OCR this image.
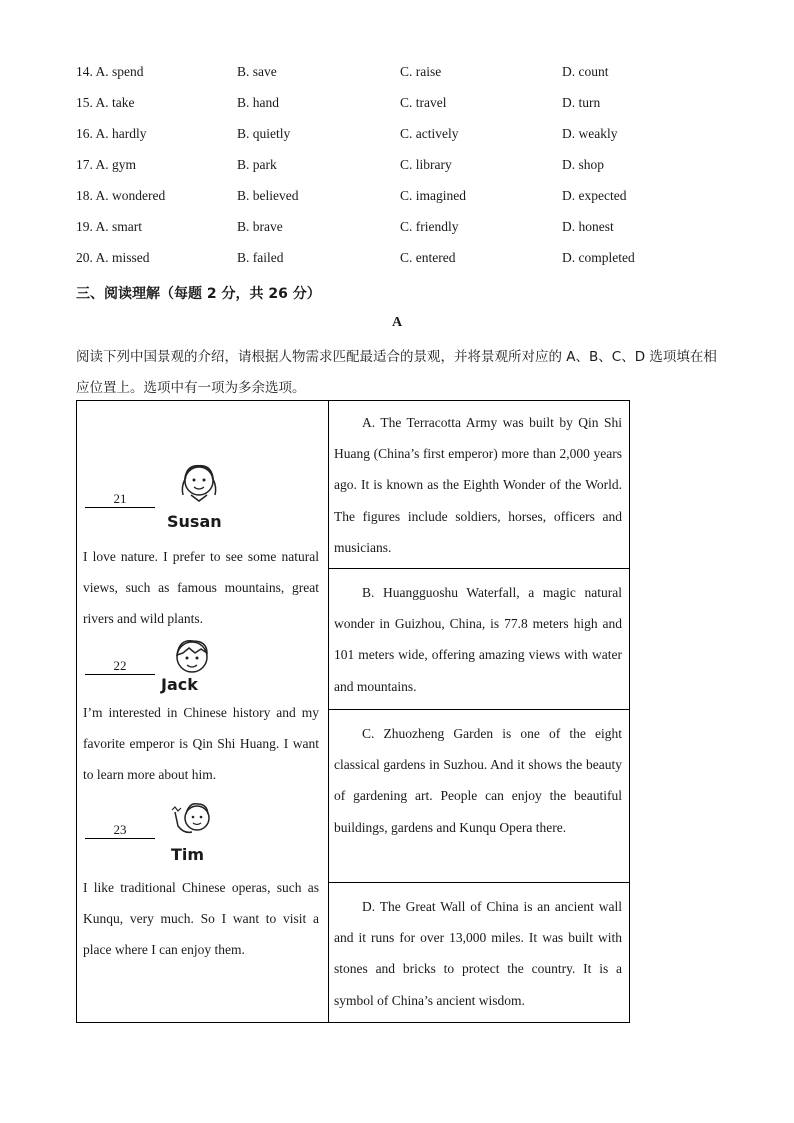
14. A. spend	B. save	C. raise	D. count
15. A. take	B. hand	C. travel	D. turn
16. A. hardly	B. quietly	C. actively	D. weakly
17. A. gym	B. park	C. library	D. shop
18. A. wondered	B. believed	C. imagined	D. expected
19. A. smart	B. brave	C. friendly	D. honest
20. A. missed	B. failed	C. entered	D. completed
三、阅读理解（每题 2 分，共 26 分）
A
阅读下列中国景观的介绍，请根据人物需求匹配最适合的景观，并将景观所对应的 A、B、C、D 选项填在相应位置上。选项中有一项为多余选项。
21
Susan
I love nature. I prefer to see some natural views, such as famous mountains, great rivers and wild plants.
22
Jack
I’m interested in Chinese history and my favorite emperor is Qin Shi Huang. I want to learn more about him.
23
Tim
I like traditional Chinese operas, such as Kunqu, very much. So I want to visit a place where I can enjoy them.
A. The Terracotta Army was built by Qin Shi Huang (China’s first emperor) more than 2,000 years ago. It is known as the Eighth Wonder of the World. The figures include soldiers, horses, officers and musicians.
B. Huangguoshu Waterfall, a magic natural wonder in Guizhou, China, is 77.8 meters high and 101 meters wide, offering amazing views with water and mountains.
C. Zhuozheng Garden is one of the eight classical gardens in Suzhou. And it shows the beauty of gardening art. People can enjoy the beautiful buildings, gardens and Kunqu Opera there.
D. The Great Wall of China is an ancient wall and it runs for over 13,000 miles. It was built with stones and bricks to protect the country. It is a symbol of China’s ancient wisdom.
